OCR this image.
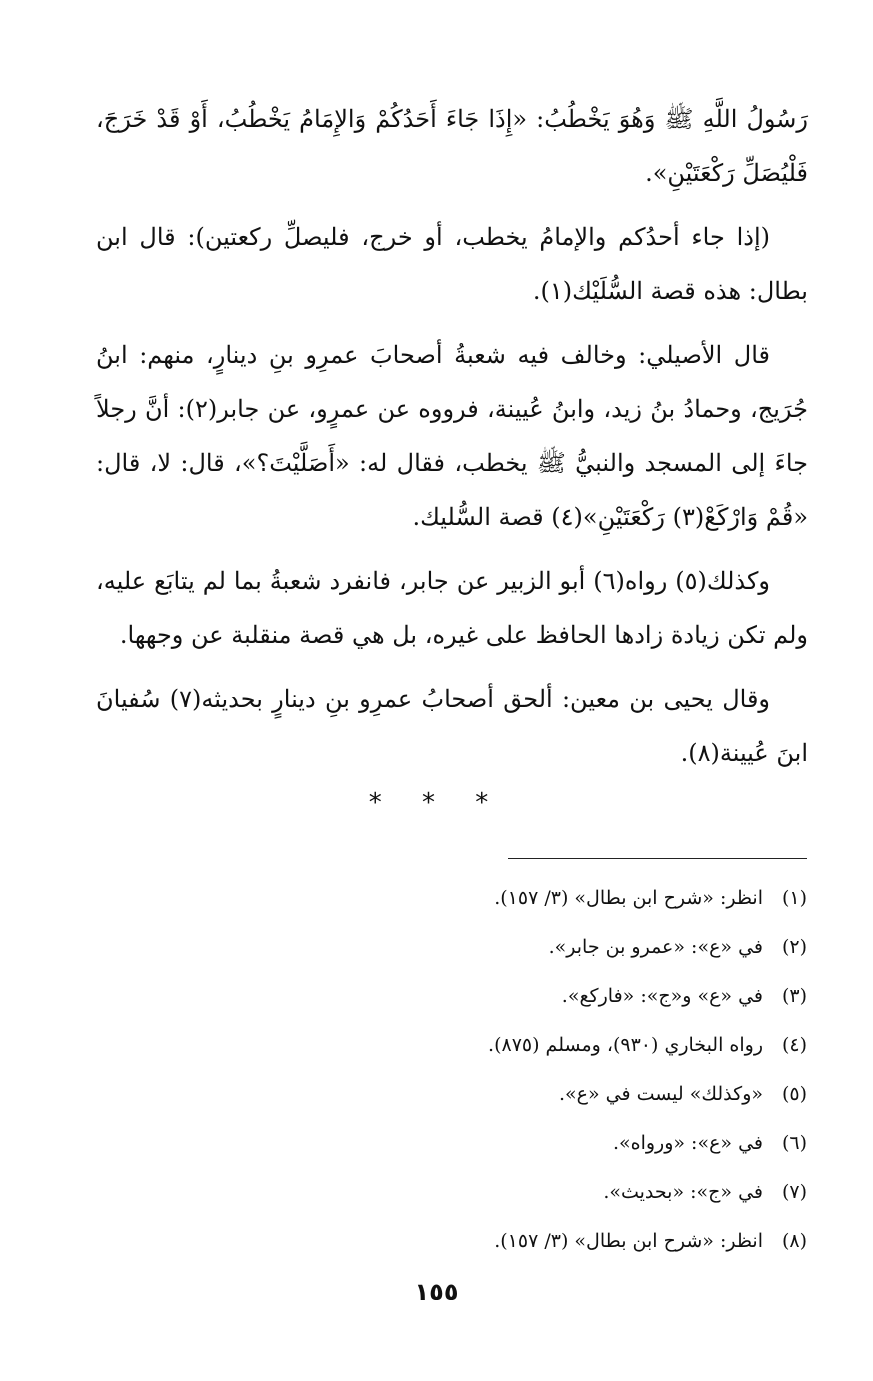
رَسُولُ اللَّهِ ﷺ وَهُوَ يَخْطُبُ: «إِذَا جَاءَ أَحَدُكُمْ وَالإِمَامُ يَخْطُبُ، أَوْ قَدْ خَرَجَ، فَلْيُصَلِّ رَكْعَتَيْنِ».

(إذا جاء أحدُكم والإمامُ يخطب، أو خرج، فليصلِّ ركعتين): قال ابن بطال: هذه قصة السُّلَيْك(١).

قال الأصيلي: وخالف فيه شعبةُ أصحابَ عمرِو بنِ دينارٍ، منهم: ابنُ جُرَيج، وحمادُ بنُ زيد، وابنُ عُيينة، فرووه عن عمرٍو، عن جابر(٢): أنَّ رجلاً جاءَ إلى المسجد والنبيُّ ﷺ يخطب، فقال له: «أَصَلَّيْتَ؟»، قال: لا، قال: «قُمْ وَارْكَعْ(٣) رَكْعَتَيْنِ»(٤) قصة السُّليك.

وكذلك(٥) رواه(٦) أبو الزبير عن جابر، فانفرد شعبةُ بما لم يتابَع عليه، ولم تكن زيادة زادها الحافظ على غيره، بل هي قصة منقلبة عن وجهها.

وقال يحيى بن معين: ألحق أصحابُ عمرِو بنِ دينارٍ بحديثه(٧) سُفيانَ ابنَ عُيينة(٨).

* * *
(١)انظر: «شرح ابن بطال» (٣/ ١٥٧).
(٢)في «ع»: «عمرو بن جابر».
(٣)في «ع» و«ج»: «فاركع».
(٤)رواه البخاري (٩٣٠)، ومسلم (٨٧٥).
(٥)«وكذلك» ليست في «ع».
(٦)في «ع»: «ورواه».
(٧)في «ج»: «بحديث».
(٨)انظر: «شرح ابن بطال» (٣/ ١٥٧).
١٥٥
